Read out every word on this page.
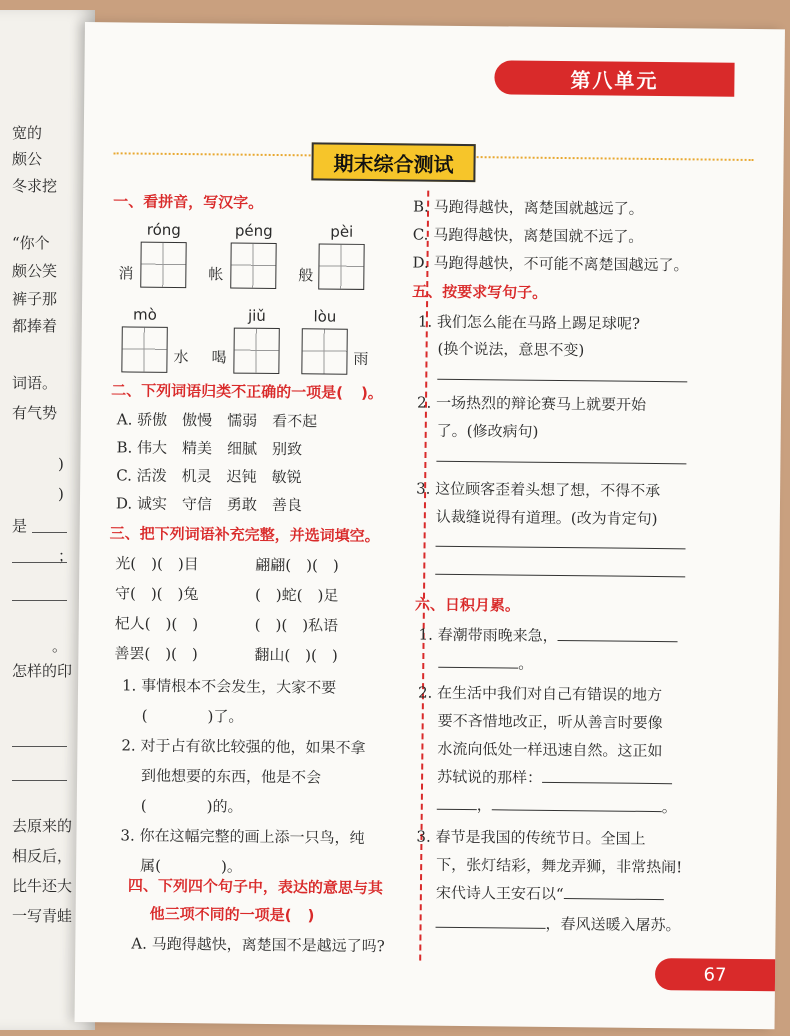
宽的
颇公
冬求挖
“你个
颇公笑
裤子那
都捧着
词语。
有气势
)
)
是
；
。
怎样的印
去原来的
相反后，
比牛还大
一写青蛙
第八单元
期末综合测试
一、看拼音，写汉字。
消
róng
帐
péng
般
pèi
mò
水 喝
jiǔ	lòu
雨
二、下列词语归类不正确的一项是( )。
A. 骄傲　傲慢　懦弱　看不起
B. 伟大　精美　细腻　别致
C. 活泼　机灵　迟钝　敏锐
D. 诚实　守信　勇敢　善良
三、把下列词语补充完整，并选词填空。
光(　)(　)目	翩翩(　)(　)
守(　)(　)兔	(　)蛇(　)足
杞人(　)(　)	(　)(　)私语
善罢(　)(　)	翻山(　)(　)
1. 事情根本不会发生，大家不要
(　　　　)了。
2. 对于占有欲比较强的他，如果不拿
到他想要的东西，他是不会
(　　　　)的。
3. 你在这幅完整的画上添一只鸟，纯
属(　　　　)。
四、下列四个句子中，表达的意思与其
他三项不同的一项是( )
A. 马跑得越快，离楚国不是越远了吗?
B. 马跑得越快，离楚国就越远了。
C. 马跑得越快，离楚国就不远了。
D. 马跑得越快，不可能不离楚国越远了。
五、按要求写句子。
1. 我们怎么能在马路上踢足球呢?
(换个说法，意思不变)
2. 一场热烈的辩论赛马上就要开始
了。(修改病句)
3. 这位顾客歪着头想了想，不得不承
认裁缝说得有道理。(改为肯定句)
六、日积月累。
1. 春潮带雨晚来急，
。
2. 在生活中我们对自己有错误的地方
要不吝惜地改正，听从善言时要像
水流向低处一样迅速自然。这正如
苏轼说的那样：
，	。
3. 春节是我国的传统节日。全国上
下，张灯结彩，舞龙弄狮，非常热闹!
宋代诗人王安石以“
，春风送暖入屠苏。
67
